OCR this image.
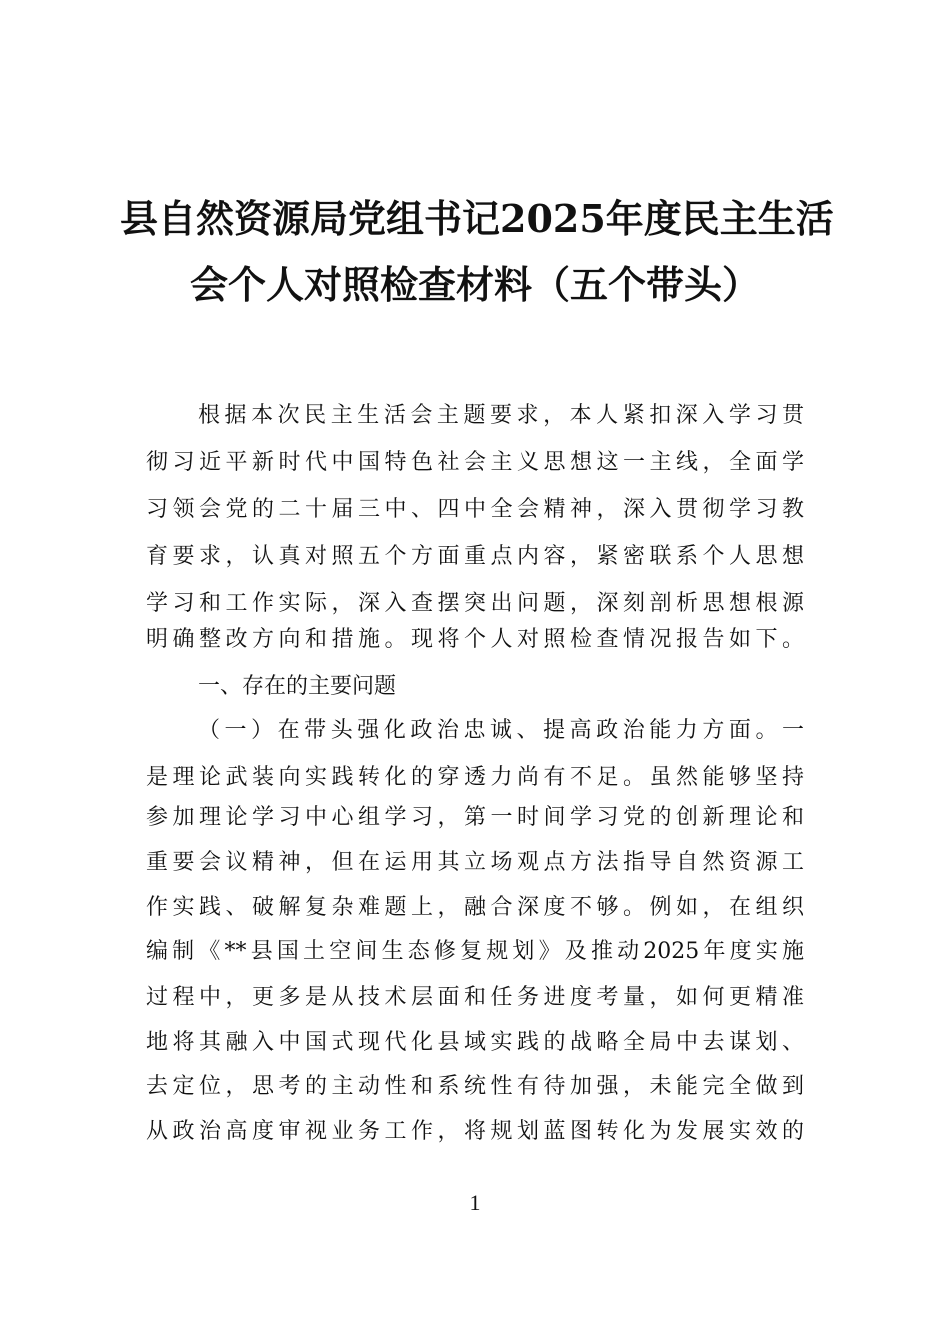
县自然资源局党组书记2025年度民主生活
会个人对照检查材料（五个带头）

根据本次民主生活会主题要求，本人紧扣深入学习贯

彻习近平新时代中国特色社会主义思想这一主线，全面学

习领会党的二十届三中、四中全会精神，深入贯彻学习教

育要求，认真对照五个方面重点内容，紧密联系个人思想

学习和工作实际，深入查摆突出问题，深刻剖析思想根源

明确整改方向和措施。现将个人对照检查情况报告如下。

一、存在的主要问题

（一）在带头强化政治忠诚、提高政治能力方面。一

是理论武装向实践转化的穿透力尚有不足。虽然能够坚持

参加理论学习中心组学习，第一时间学习党的创新理论和

重要会议精神，但在运用其立场观点方法指导自然资源工

作实践、破解复杂难题上，融合深度不够。例如，在组织

编制《**县国土空间生态修复规划》及推动2025年度实施

过程中，更多是从技术层面和任务进度考量，如何更精准

地将其融入中国式现代化县域实践的战略全局中去谋划、

去定位，思考的主动性和系统性有待加强，未能完全做到

从政治高度审视业务工作，将规划蓝图转化为发展实效的

1
